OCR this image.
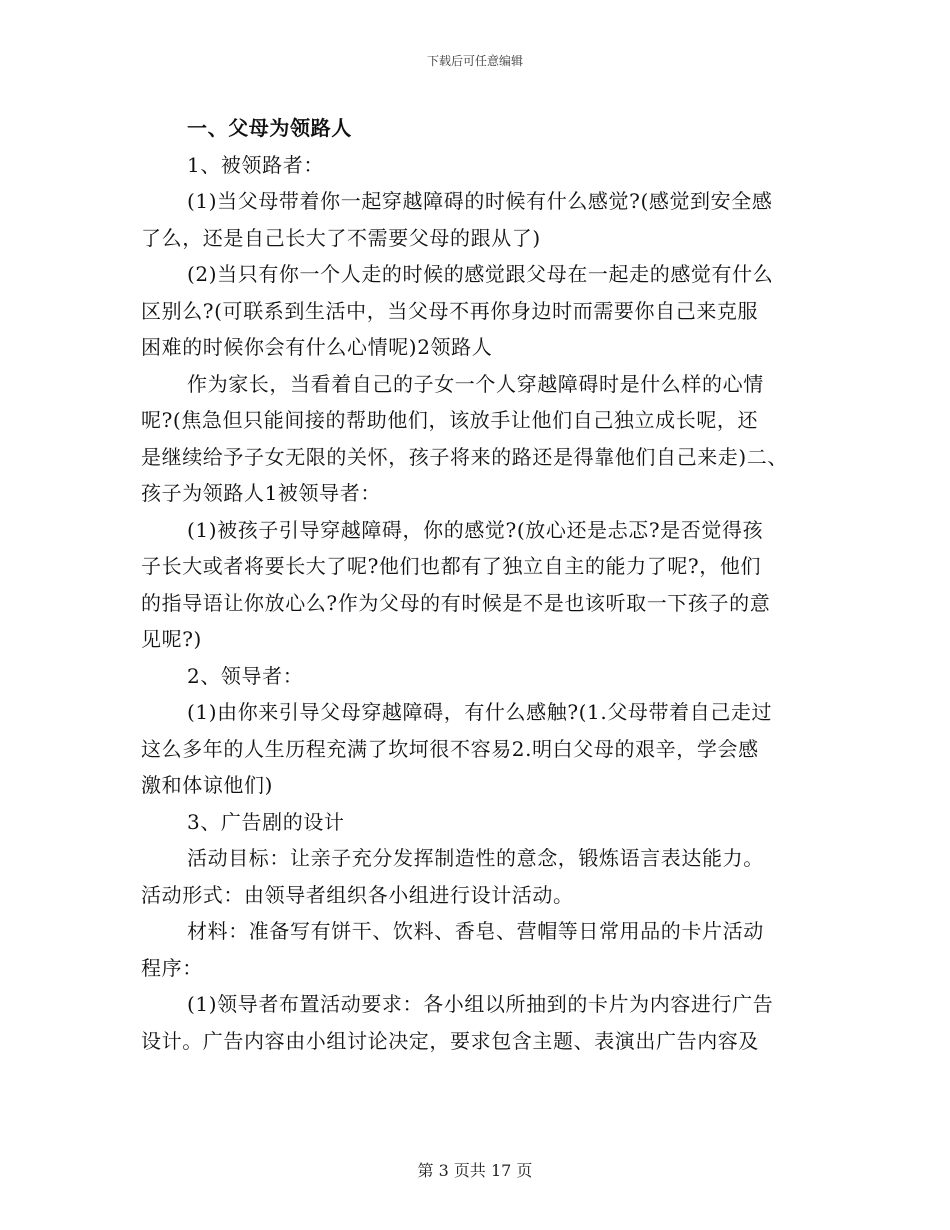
下载后可任意编辑
一、父母为领路人
1、被领路者：
(1)当父母带着你一起穿越障碍的时候有什么感觉?(感觉到安全感
了么，还是自己长大了不需要父母的跟从了)
(2)当只有你一个人走的时候的感觉跟父母在一起走的感觉有什么
区别么?(可联系到生活中，当父母不再你身边时而需要你自己来克服
困难的时候你会有什么心情呢)2领路人
作为家长，当看着自己的子女一个人穿越障碍时是什么样的心情
呢?(焦急但只能间接的帮助他们，该放手让他们自己独立成长呢，还
是继续给予子女无限的关怀，孩子将来的路还是得靠他们自己来走)二、
孩子为领路人1被领导者：
(1)被孩子引导穿越障碍，你的感觉?(放心还是忐忑?是否觉得孩
子长大或者将要长大了呢?他们也都有了独立自主的能力了呢?，他们
的指导语让你放心么?作为父母的有时候是不是也该听取一下孩子的意
见呢?)
2、领导者：
(1)由你来引导父母穿越障碍，有什么感触?(1.父母带着自己走过
这么多年的人生历程充满了坎坷很不容易2.明白父母的艰辛，学会感
激和体谅他们)
3、广告剧的设计
活动目标：让亲子充分发挥制造性的意念，锻炼语言表达能力。
活动形式：由领导者组织各小组进行设计活动。
材料：准备写有饼干、饮料、香皂、营帽等日常用品的卡片活动
程序：
(1)领导者布置活动要求：各小组以所抽到的卡片为内容进行广告
设计。广告内容由小组讨论决定，要求包含主题、表演出广告内容及
第 3 页共 17 页
